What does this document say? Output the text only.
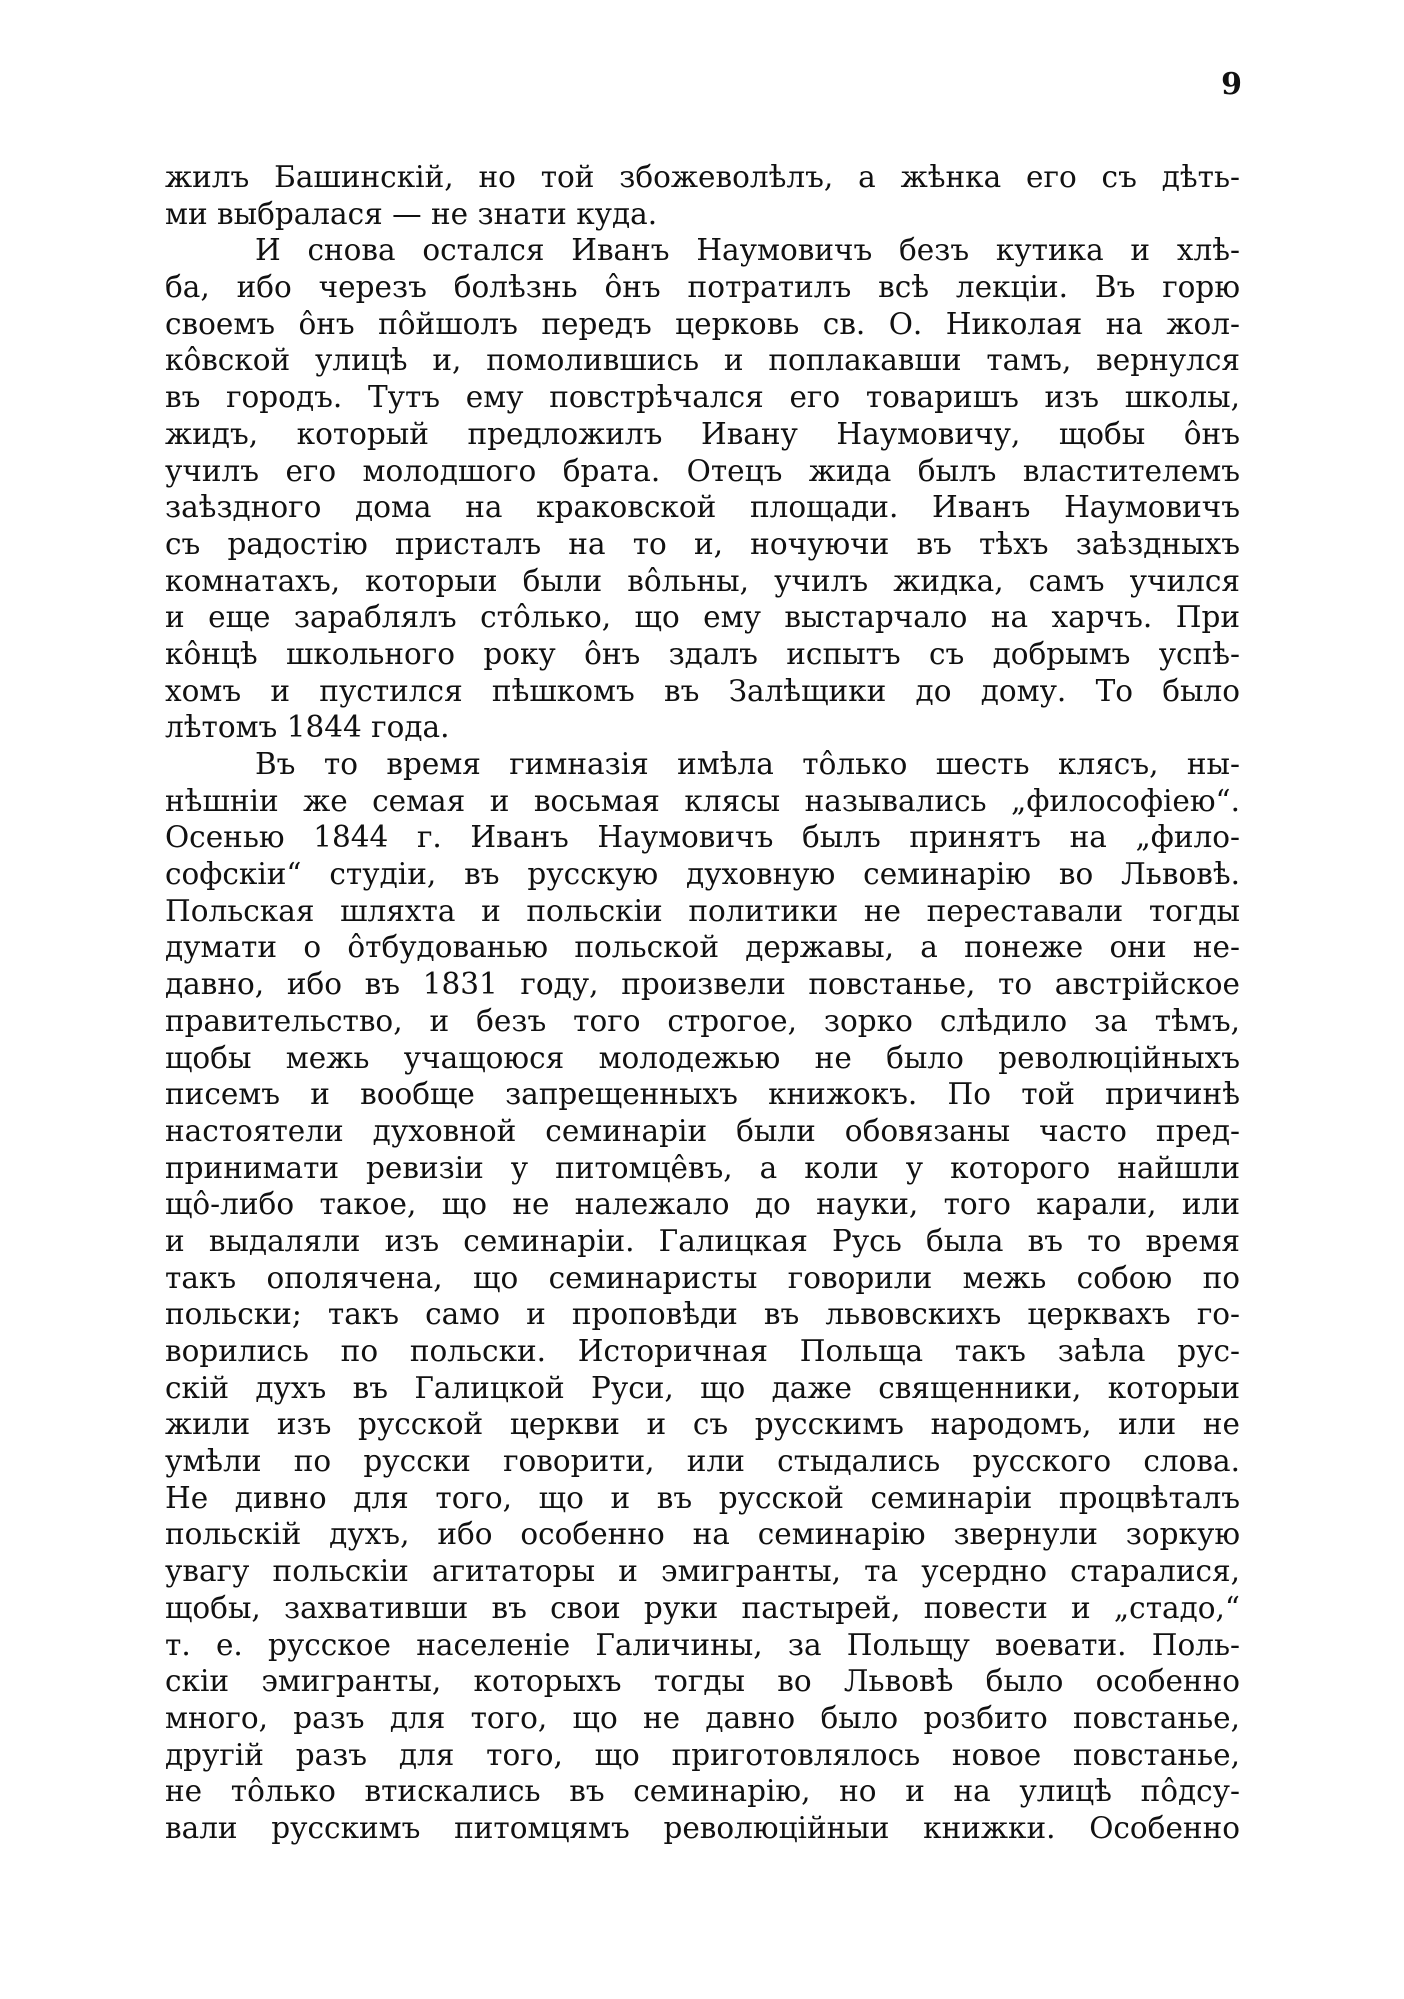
9
жилъ Башинскій, но той збожеволѣлъ, а жѣнка его съ дѣть-
ми выбралася — не знати куда.
И снова остался Иванъ Наумовичъ безъ кутика и хлѣ-
ба, ибо черезъ болѣзнь ôнъ потратилъ всѣ лекціи. Въ горю
своемъ ôнъ пôйшолъ передъ церковь св. О. Николая на жол-
кôвской улицѣ и, помолившись и поплакавши тамъ, вернулся
въ городъ. Тутъ ему повстрѣчался его товаришъ изъ школы,
жидъ, который предложилъ Ивану Наумовичу, щобы ôнъ
училъ его молодшого брата. Отецъ жида былъ властителемъ
заѣздного дома на краковской площади. Иванъ Наумовичъ
съ радостію присталъ на то и, ночуючи въ тѣхъ заѣздныхъ
комнатахъ, которыи были вôльны, училъ жидка, самъ учился
и еще зараблялъ стôлько, що ему выстарчало на харчъ. При
кôнцѣ школьного року ôнъ здалъ испытъ съ добрымъ успѣ-
хомъ и пустился пѣшкомъ въ Залѣщики до дому. То было
лѣтомъ 1844 года.
Въ то время гимназія имѣла тôлько шесть клясъ, ны-
нѣшніи же семая и восьмая клясы назывались „философіею“.
Осенью 1844 г. Иванъ Наумовичъ былъ принятъ на „фило-
софскіи“ студіи, въ русскую духовную семинарію во Львовѣ.
Польская шляхта и польскіи политики не переставали тогды
думати о ôтбудованью польской державы, а понеже они не-
давно, ибо въ 1831 году, произвели повстанье, то австрійское
правительство, и безъ того строгое, зорко слѣдило за тѣмъ,
щобы межь учащоюся молодежью не было революційныхъ
писемъ и вообще запрещенныхъ книжокъ. По той причинѣ
настоятели духовной семинаріи были обовязаны часто пред-
принимати ревизіи у питомцêвъ, а коли у которого найшли
щô-либо такое, що не належало до науки, того карали, или
и выдаляли изъ семинаріи. Галицкая Русь была въ то время
такъ ополячена, що семинаристы говорили межь собою по
польски; такъ само и проповѣди въ львовскихъ церквахъ го-
ворились по польски. Историчная Польща такъ заѣла рус-
скій духъ въ Галицкой Руси, що даже священники, которыи
жили изъ русской церкви и съ русскимъ народомъ, или не
умѣли по русски говорити, или стыдались русского слова.
Не дивно для того, що и въ русской семинаріи процвѣталъ
польскій духъ, ибо особенно на семинарію звернули зоркую
увагу польскіи агитаторы и эмигранты, та усердно старалися,
щобы, захвативши въ свои руки пастырей, повести и „стадо,“
т. е. русское населеніе Галичины, за Польщу воевати. Поль-
скіи эмигранты, которыхъ тогды во Львовѣ было особенно
много, разъ для того, що не давно было розбито повстанье,
другій разъ для того, що приготовлялось новое повстанье,
не тôлько втискались въ семинарію, но и на улицѣ пôдсу-
вали русскимъ питомцямъ революційныи книжки. Особенно
